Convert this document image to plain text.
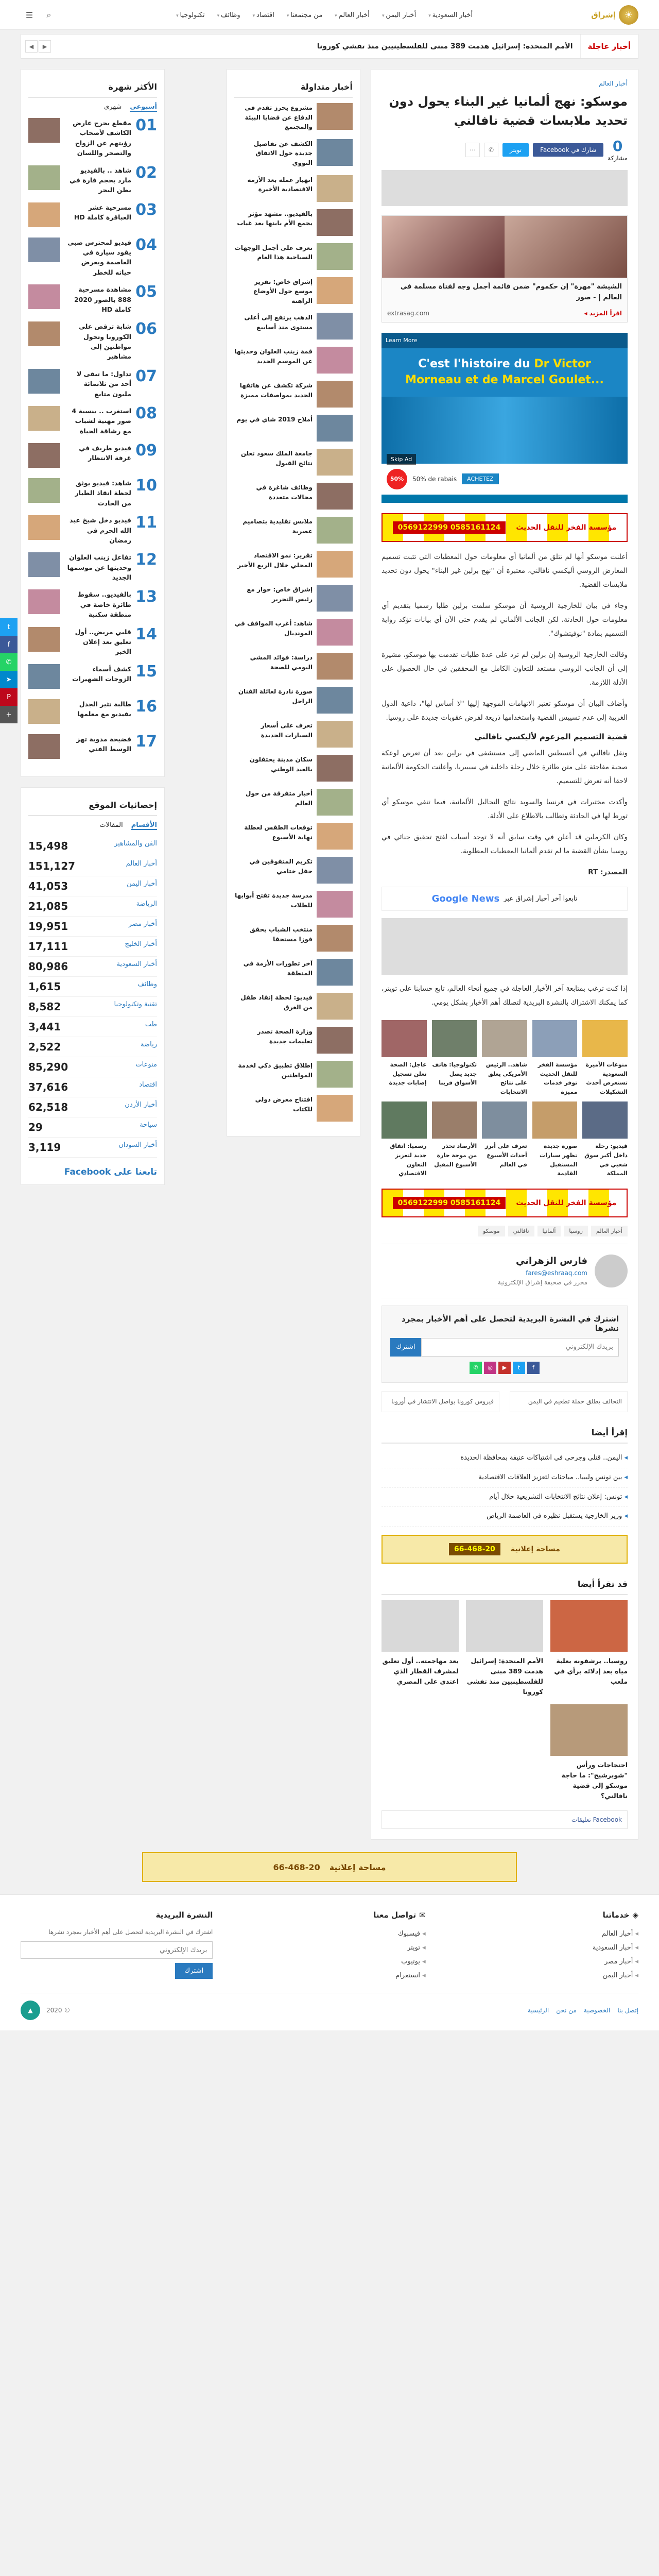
☀
إشراق
أخبار السعودية ▾
أخبار اليمن ▾
أخبار العالم ▾
من مجتمعنا ▾
اقتصاد ▾
وظائف ▾
تكنولوجيا ▾
⌕
☰
أخبار عاجلة
الأمم المتحدة: إسرائيل هدمت 389 مبنى للفلسطينيين منذ تفشي كورونا
▶
◀
أخبار العالم
موسكو: نهج ألمانيا غير البناء يحول دون تحديد ملابسات قضية نافالني
0
مشاركة
شارك في Facebook
تويتر
✆
⋯
الشيشة "مهرة" إن حكموم" ضمن قائمة أجمل وجه لفتاة مسلمة في العالم | - صور
اقرأ المزيد ◂
extrasag.com
Learn More
C'est l'histoire du Dr Victor Morneau et de Marcel Goulet...
Skip Ad
50%	50% de rabais	ACHETEZ
مؤسسة الفخر للنقل الحديث
0585161124 0569122999

أعلنت موسكو أنها لم تتلق من ألمانيا أي معلومات حول المعطيات التي تثبت تسميم المعارض الروسي أليكسي نافالني، معتبرة أن "نهج برلين غير البناء" يحول دون تحديد ملابسات القضية.

وجاء في بيان للخارجية الروسية أن موسكو سلمت برلين طلبا رسميا بتقديم أي معلومات حول الحادثة، لكن الجانب الألماني لم يقدم حتى الآن أي بيانات تؤكد رواية التسميم بمادة "نوفيتشوك".

وقالت الخارجية الروسية إن برلين لم ترد على عدة طلبات تقدمت بها موسكو، مشيرة إلى أن الجانب الروسي مستعد للتعاون الكامل مع المحققين في حال الحصول على الأدلة اللازمة.

وأضاف البيان أن موسكو تعتبر الاتهامات الموجهة إليها "لا أساس لها"، داعية الدول الغربية إلى عدم تسييس القضية واستخدامها ذريعة لفرض عقوبات جديدة على روسيا.

قضية التسميم المزعوم لأليكسي نافالني

ونقل نافالني في أغسطس الماضي إلى مستشفى في برلين بعد أن تعرض لوعكة صحية مفاجئة على متن طائرة خلال رحلة داخلية في سيبيريا، وأعلنت الحكومة الألمانية لاحقا أنه تعرض للتسميم.

وأكدت مختبرات في فرنسا والسويد نتائج التحاليل الألمانية، فيما تنفي موسكو أي تورط لها في الحادثة وتطالب بالاطلاع على الأدلة.

وكان الكرملين قد أعلن في وقت سابق أنه لا توجد أسباب لفتح تحقيق جنائي في روسيا بشأن القضية ما لم تقدم ألمانيا المعطيات المطلوبة.

المصدر: RT

تابعوا آخر أخبار إشراق عبر
Google News

إذا كنت ترغب بمتابعة آخر الأخبار العاجلة في جميع أنحاء العالم، تابع حسابنا على تويتر، كما يمكنك الاشتراك بالنشرة البريدية لتصلك أهم الأخبار بشكل يومي.

منوعات الأميرة السعودية تستعرض أحدث التشكيلات

مؤسسة الفخر للنقل الحديث توفر خدمات مميزة

شاهد.. الرئيس الأمريكي يعلق على نتائج الانتخابات

تكنولوجيا: هاتف جديد يصل الأسواق قريبا

عاجل: الصحة تعلن تسجيل إصابات جديدة

فيديو: رحلة داخل أكبر سوق شعبي في المملكة

صورة جديدة تظهر سيارات المستقبل القادمة

تعرف على أبرز أحداث الأسبوع في العالم

الأرصاد تحذر من موجة حارة الأسبوع المقبل

رسميا: اتفاق جديد لتعزيز التعاون الاقتصادي

مؤسسة الفخر للنقل الحديث
0585161124 0569122999
أخبار العالم
روسيا
ألمانيا
نافالني
موسكو
فارس الزهراني
fares@eshraaq.com
محرر في صحيفة إشراق الإلكترونية
اشترك في النشرة البريدية لتحصل على أهم الأخبار بمجرد نشرها
بريدك الإلكتروني
اشترك
f
t
▶
◎
✆
التحالف يطلق حملة تطعيم في اليمن
فيروس كورونا يواصل الانتشار في أوروبا
إقرأ أيضا
◂ اليمن.. قتلى وجرحى في اشتباكات عنيفة بمحافظة الحديدة
◂ بين تونس وليبيا.. مباحثات لتعزيز العلاقات الاقتصادية
◂ تونس: إعلان نتائج الانتخابات التشريعية خلال أيام
◂ وزير الخارجية يستقبل نظيره في العاصمة الرياض
مساحة إعلانية
66-468-20
قد تقرأ أيضا

روسيا.. يرشقونه بعلبة مياه بعد إدلائه برأي في ملعب

الأمم المتحدة: إسرائيل هدمت 389 مبنى للفلسطينيين منذ تفشي كورونا

بعد مهاجمته.. أول تعليق لمشرف القطار الذي اعتدى على المصري

احتجاجات ورأس "شوبرشيح": ما حاجة موسكو إلى قضية نافالني؟

Facebook تعليقات
أخبار متداولة

مشروع يحرز تقدم في الدفاع عن قضايا البيئة والمجتمع

الكشف عن تفاصيل جديدة حول الاتفاق النووي

انهيار عملة بعد الأزمة الاقتصادية الأخيرة

بالفيديو.. مشهد مؤثر يجمع الأم بابنها بعد غياب

تعرف على أجمل الوجهات السياحية هذا العام

إشراق خاص: تقرير موسع حول الأوضاع الراهنة

الذهب يرتفع إلى أعلى مستوى منذ أسابيع

قمة زينب العلوان وحديثها عن الموسم الجديد

شركة تكشف عن هاتفها الجديد بمواصفات مميزة

أملاح 2019 شاي في يوم

جامعة الملك سعود تعلن نتائج القبول

وظائف شاغرة في مجالات متعددة

ملابس تقليدية بتصاميم عصرية

تقرير: نمو الاقتصاد المحلي خلال الربع الأخير

إشراق خاص: حوار مع رئيس التحرير

شاهد: أغرب المواقف في المونديال

دراسة: فوائد المشي اليومي للصحة

صورة نادرة لعائلة الفنان الراحل

تعرف على أسعار السيارات الجديدة

سكان مدينة يحتفلون بالعيد الوطني

أخبار متفرقة من حول العالم

توقعات الطقس لعطلة نهاية الأسبوع

تكريم المتفوقين في حفل ختامي

مدرسة جديدة تفتح أبوابها للطلاب

منتخب الشباب يحقق فوزا مستحقا

آخر تطورات الأزمة في المنطقة

فيديو: لحظة إنقاذ طفل من الغرق

وزارة الصحة تصدر تعليمات جديدة

إطلاق تطبيق ذكي لخدمة المواطنين

افتتاح معرض دولي للكتاب

الأكثر شهرة
أسبوعي
شهري
01

مقطع يحرج عارض الكاشف لأصحاب رؤيتهم عن الزواج والتصحر واللسان

02

شاهد .. بالفيديو مارد بحجم قارة في بطن البحر

03

مسرحية عشر العباقرة كاملة HD

04

فيديو لمحترس صبي يقود سيارة في العاصمة ويعرض حياته للخطر

05

مشاهدة مسرحية 888 بالصور 2020 كاملة HD

06

شابة ترقص على الكورونا وتحول مواطنين إلى مشاهير

07

تداول: ما تبقى لا أحد من ثلاثمائة مليون متابع

08

استغرب .. بنسبة 4 صور مهنية لشباب مع رشاقة الحياة

09

فيديو طريف في غرفة الانتظار

10

شاهد: فيديو يوثق لحظة انقاذ الطيار من الحادث

11

فيديو دخل شيخ عبد الله الحرم في رمضان

12

تفاعل زينب العلوان وحديثها عن موسمها الجديد

13

بالفيديو.. سقوط طائرة خاصة في منطقة سكنية

14

قلبي مريض.. أول تعليق بعد إعلان الخبر

15

كشف أسماء الزوجات الشهيرات

16

طالبة تثير الجدل بفيديو مع معلمها

17

فضيحة مدوية تهز الوسط الفني

إحصائيات الموقع
الأقسام
المقالات
الفن والمشاهير
15,498
أخبار العالم
151,127
أخبار اليمن
41,053
الرياضة
21,085
أخبار مصر
19,951
أخبار الخليج
17,111
أخبار السعودية
80,986
وظائف
1,615
تقنية وتكنولوجيا
8,582
طب
3,441
رياضة
2,522
منوعات
85,290
اقتصاد
37,616
أخبار الأردن
62,518
سياحة
29
أخبار السودان
3,119
تابعنا على Facebook
مساحة إعلانية
66-468-20
t
f
✆
➤
P
+
◈
خدماتنا
◂ أخبار العالم
◂ أخبار السعودية
◂ أخبار مصر
◂ أخبار اليمن
✉
تواصل معنا
◂ فيسبوك
◂ تويتر
◂ يوتيوب
◂ انستغرام
النشرة البريدية

اشترك في النشرة البريدية لتحصل على أهم الأخبار بمجرد نشرها

بريدك الإلكتروني اشترك
إتصل بنا
الخصوصية
من نحن
الرئيسية
© 2020
▲
